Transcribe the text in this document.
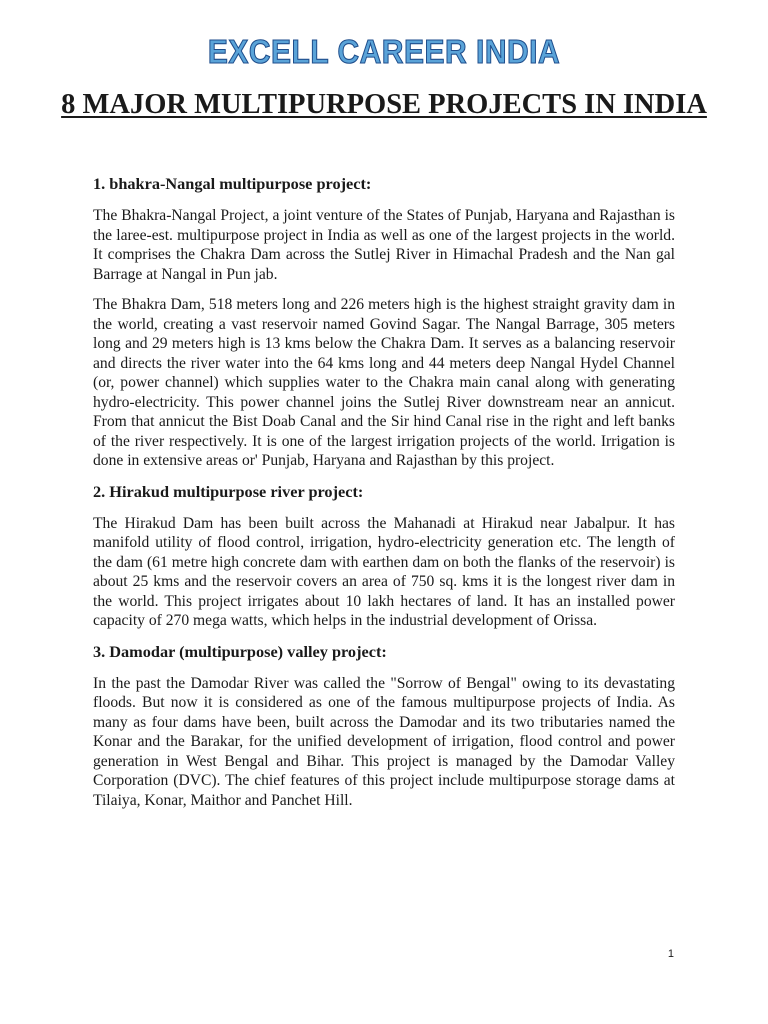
EXCELL CAREER INDIA
8 MAJOR MULTIPURPOSE PROJECTS IN INDIA
1. bhakra-Nangal multipurpose project:

The Bhakra-Nangal Project, a joint venture of the States of Punjab, Haryana and Rajasthan is the laree-est. multipurpose project in India as well as one of the largest projects in the world. It comprises the Chakra Dam across the Sutlej River in Himachal Pradesh and the Nan gal Barrage at Nangal in Pun jab.

The Bhakra Dam, 518 meters long and 226 meters high is the highest straight gravity dam in the world, creating a vast reservoir named Govind Sagar. The Nangal Barrage, 305 meters long and 29 meters high is 13 kms below the Chakra Dam. It serves as a balancing reservoir and directs the river water into the 64 kms long and 44 meters deep Nangal Hydel Channel (or, power channel) which supplies water to the Chakra main canal along with generating hydro-electricity. This power channel joins the Sutlej River downstream near an annicut. From that annicut the Bist Doab Canal and the Sir hind Canal rise in the right and left banks of the river respectively. It is one of the largest irrigation projects of the world. Irrigation is done in extensive areas or' Punjab, Haryana and Rajasthan by this project.

2. Hirakud multipurpose river project:

The Hirakud Dam has been built across the Mahanadi at Hirakud near Jabalpur. It has manifold utility of flood control, irrigation, hydro-electricity generation etc. The length of the dam (61 metre high concrete dam with earthen dam on both the flanks of the reservoir) is about 25 kms and the reservoir covers an area of 750 sq. kms it is the longest river dam in the world. This project irrigates about 10 lakh hectares of land. It has an installed power capacity of 270 mega watts, which helps in the industrial development of Orissa.

3. Damodar (multipurpose) valley project:

In the past the Damodar River was called the "Sorrow of Bengal" owing to its devastating floods. But now it is considered as one of the famous multipurpose projects of India. As many as four dams have been, built across the Damodar and its two tributaries named the Konar and the Barakar, for the unified development of irrigation, flood control and power generation in West Bengal and Bihar. This project is managed by the Damodar Valley Corporation (DVC). The chief features of this project include multipurpose storage dams at Tilaiya, Konar, Maithor and Panchet Hill.

1
